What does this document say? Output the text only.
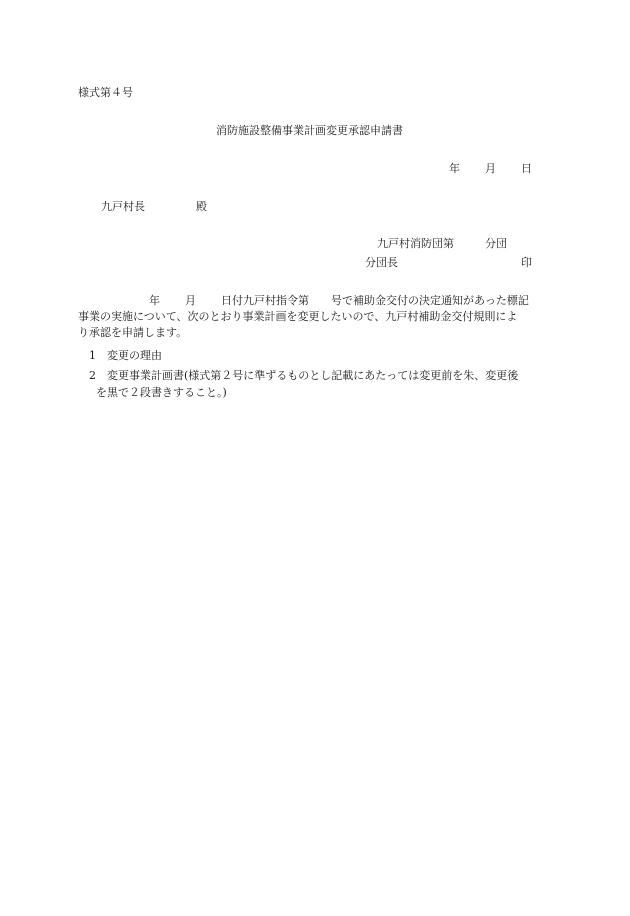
様式第４号
消防施設整備事業計画変更承認申請書
年 月 日
九戸村長	殿
九戸村消防団第	分団
分団長	印
年 月 日付九戸村指令第　　号で補助金交付の決定通知があった標記
事業の実施について、次のとおり事業計画を変更したいので、九戸村補助金交付規則によ
り承認を申請します。
1 変更の理由
2 変更事業計画書(様式第２号に準ずるものとし記載にあたっては変更前を朱、変更後
を黒で２段書きすること。)
